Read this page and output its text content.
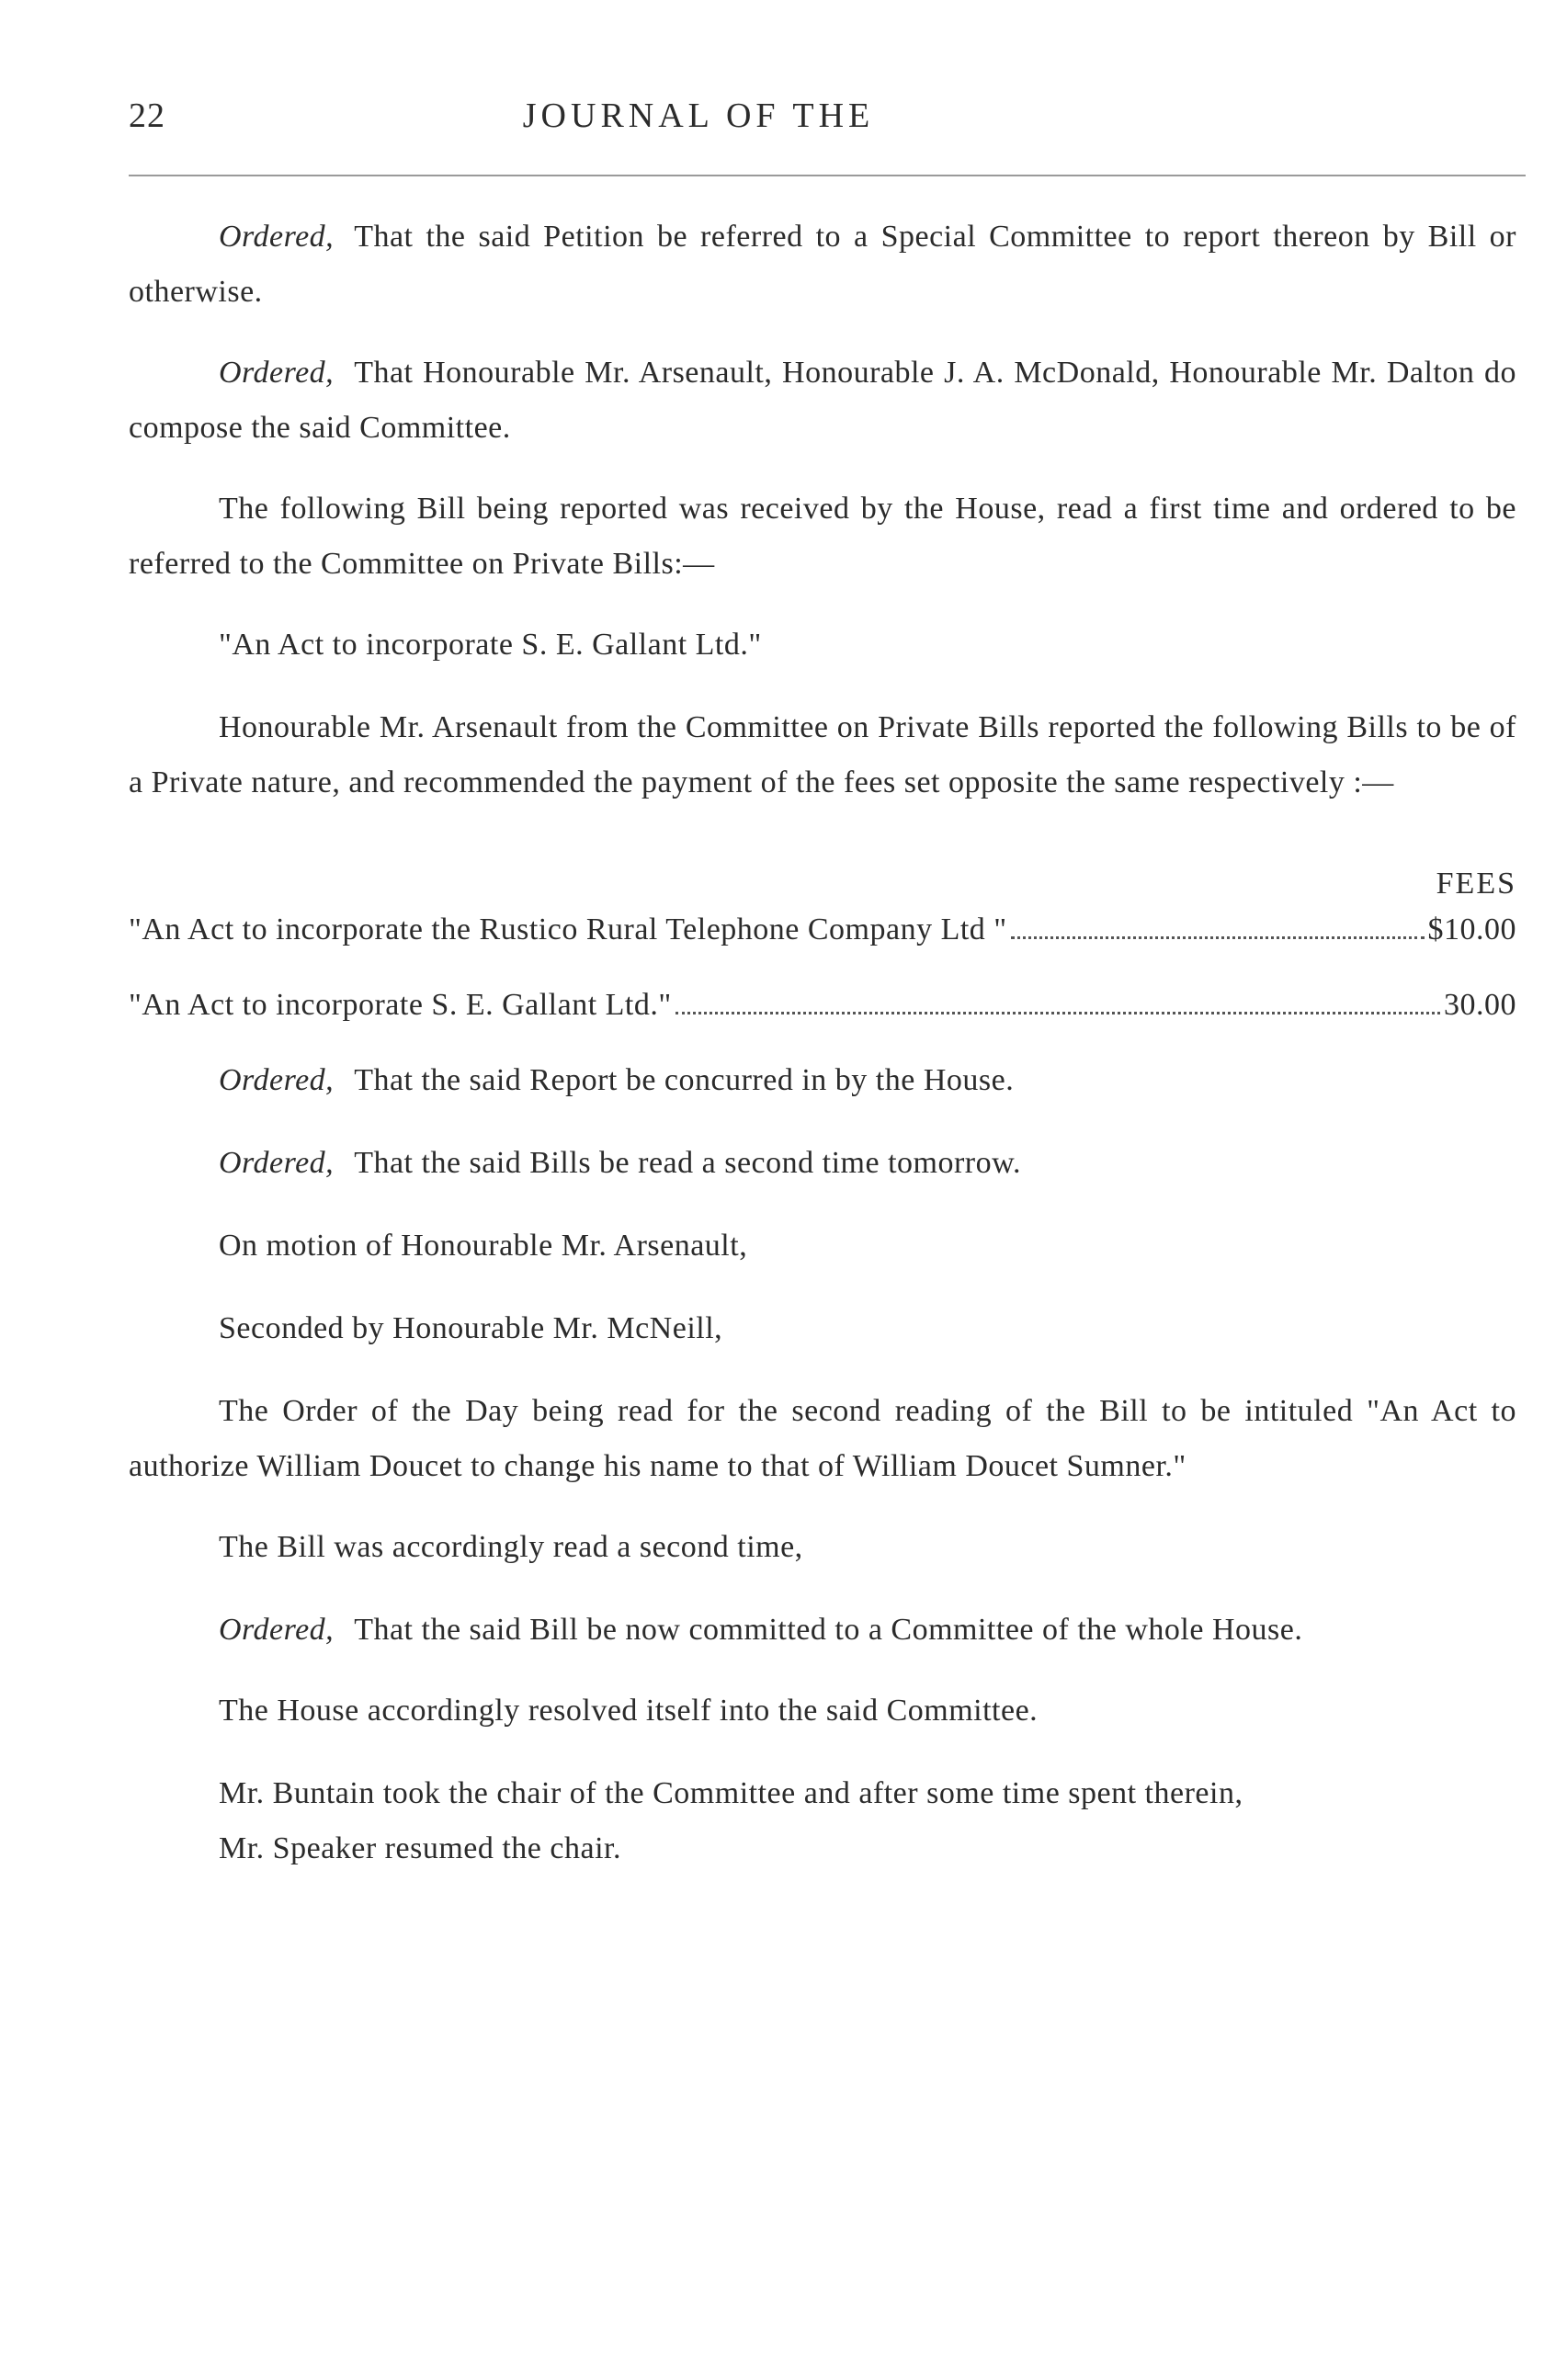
22	JOURNAL OF THE

Ordered, That the said Petition be referred to a Special Committee to report thereon by Bill or otherwise.

Ordered, That Honourable Mr. Arsenault, Honourable J. A. McDonald, Honourable Mr. Dalton do compose the said Committee.

The following Bill being reported was received by the House, read a first time and ordered to be referred to the Committee on Private Bills:—

"An Act to incorporate S. E. Gallant Ltd."

Honourable Mr. Arsenault from the Committee on Private Bills reported the following Bills to be of a Private nature, and recommended the payment of the fees set opposite the same respectively :—

FEES
"An Act to incorporate the Rustico Rural Telephone Company Ltd "	$10.00
"An Act to incorporate S. E. Gallant Ltd."	30.00

Ordered, That the said Report be concurred in by the House.

Ordered, That the said Bills be read a second time tomorrow.

On motion of Honourable Mr. Arsenault,

Seconded by Honourable Mr. McNeill,

The Order of the Day being read for the second reading of the Bill to be intituled "An Act to authorize William Doucet to change his name to that of William Doucet Sumner."

The Bill was accordingly read a second time,

Ordered, That the said Bill be now committed to a Committee of the whole House.

The House accordingly resolved itself into the said Committee.

Mr. Buntain took the chair of the Committee and after some time spent therein,

Mr. Speaker resumed the chair.
